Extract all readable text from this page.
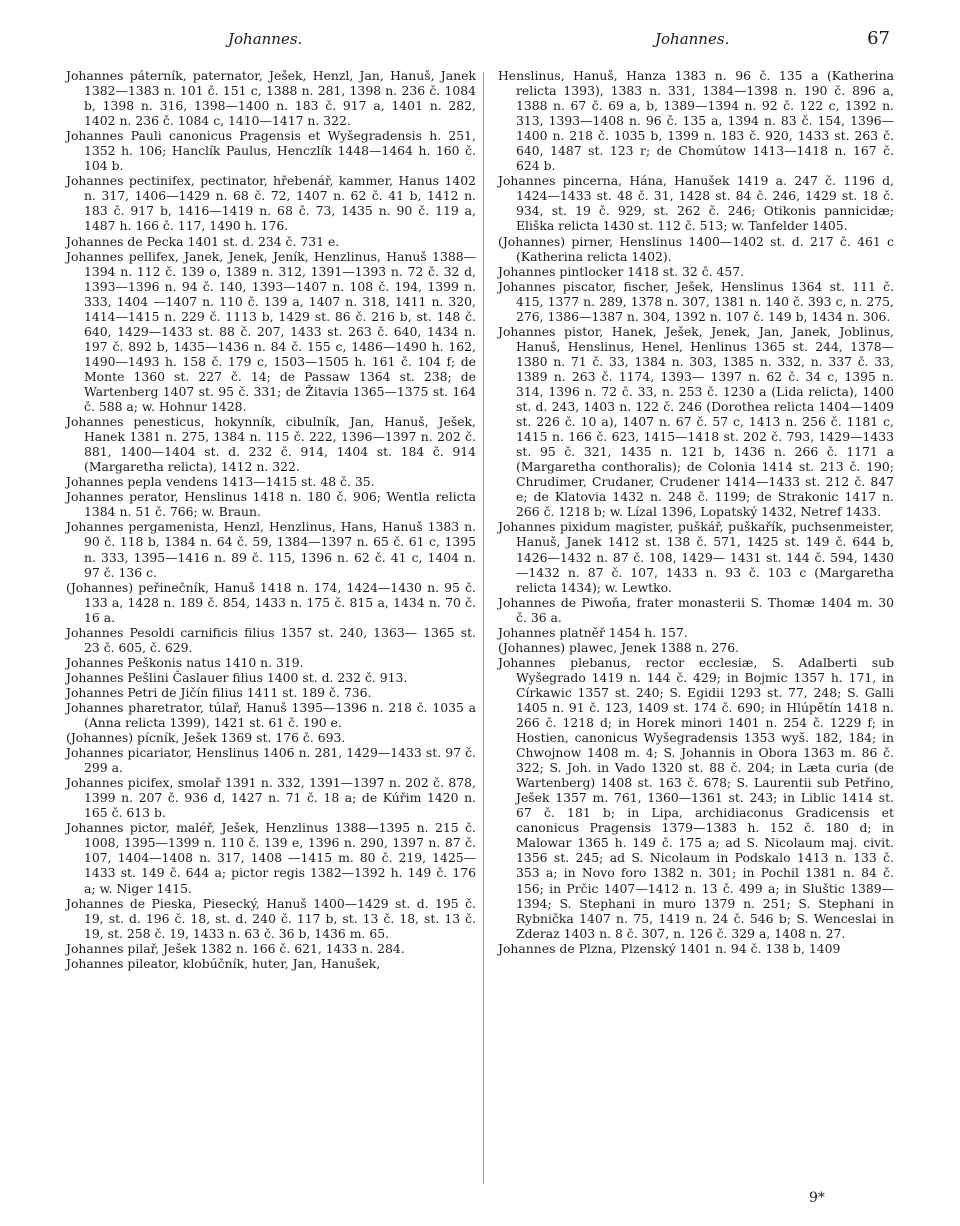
Johannes.	Johannes.	67

Johannes páterník, paternator, Ješek, Henzl, Jan, Hanuš, Janek 1382—1383 n. 101 č. 151 c, 1388 n. 281, 1398 n. 236 č. 1084 b, 1398 n. 316, 1398—1400 n. 183 č. 917 a, 1401 n. 282, 1402 n. 236 č. 1084 c, 1410—1417 n. 322.

Johannes Pauli canonicus Pragensis et Wyšegradensis h. 251, 1352 h. 106; Hanclík Paulus, Henczlík 1448—1464 h. 160 č. 104 b.

Johannes pectinifex, pectinator, hřebenář, kammer, Hanus 1402 n. 317, 1406—1429 n. 68 č. 72, 1407 n. 62 č. 41 b, 1412 n. 183 č. 917 b, 1416—1419 n. 68 č. 73, 1435 n. 90 č. 119 a, 1487 h. 166 č. 117, 1490 h. 176.

Johannes de Pecka 1401 st. d. 234 č. 731 e.

Johannes pellifex, Janek, Jenek, Jeník, Henzlinus, Hanuš 1388—1394 n. 112 č. 139 o, 1389 n. 312, 1391—1393 n. 72 č. 32 d, 1393—1396 n. 94 č. 140, 1393—1407 n. 108 č. 194, 1399 n. 333, 1404 —1407 n. 110 č. 139 a, 1407 n. 318, 1411 n. 320, 1414—1415 n. 229 č. 1113 b, 1429 st. 86 č. 216 b, st. 148 č. 640, 1429—1433 st. 88 č. 207, 1433 st. 263 č. 640, 1434 n. 197 č. 892 b, 1435—1436 n. 84 č. 155 c, 1486—1490 h. 162, 1490—1493 h. 158 č. 179 c, 1503—1505 h. 161 č. 104 f; de Monte 1360 st. 227 č. 14; de Passaw 1364 st. 238; de Wartenberg 1407 st. 95 č. 331; de Žitavia 1365—1375 st. 164 č. 588 a; w. Hohnur 1428.

Johannes penesticus, hokynník, cibulník, Jan, Hanuš, Ješek, Hanek 1381 n. 275, 1384 n. 115 č. 222, 1396—1397 n. 202 č. 881, 1400—1404 st. d. 232 č. 914, 1404 st. 184 č. 914 (Margaretha relicta), 1412 n. 322.

Johannes pepla vendens 1413—1415 st. 48 č. 35.

Johannes perator, Henslinus 1418 n. 180 č. 906; Wentla relicta 1384 n. 51 č. 766; w. Braun.

Johannes pergamenista, Henzl, Henzlinus, Hans, Hanuš 1383 n. 90 č. 118 b, 1384 n. 64 č. 59, 1384—1397 n. 65 č. 61 c, 1395 n. 333, 1395—1416 n. 89 č. 115, 1396 n. 62 č. 41 c, 1404 n. 97 č. 136 c.

(Johannes) peřinečník, Hanuš 1418 n. 174, 1424—1430 n. 95 č. 133 a, 1428 n. 189 č. 854, 1433 n. 175 č. 815 a, 1434 n. 70 č. 16 a.

Johannes Pesoldi carnificis filius 1357 st. 240, 1363— 1365 st. 23 č. 605, č. 629.

Johannes Peškonis natus 1410 n. 319.

Johannes Pešlini Časlauer filius 1400 st. d. 232 č. 913.

Johannes Petri de Jičín filius 1411 st. 189 č. 736.

Johannes pharetrator, túlař, Hanuš 1395—1396 n. 218 č. 1035 a (Anna relicta 1399), 1421 st. 61 č. 190 e.

(Johannes) pícník, Ješek 1369 st. 176 č. 693.

Johannes picariator, Henslinus 1406 n. 281, 1429—1433 st. 97 č. 299 a.

Johannes picifex, smolař 1391 n. 332, 1391—1397 n. 202 č. 878, 1399 n. 207 č. 936 d, 1427 n. 71 č. 18 a; de Kúřim 1420 n. 165 č. 613 b.

Johannes pictor, maléř, Ješek, Henzlinus 1388—1395 n. 215 č. 1008, 1395—1399 n. 110 č. 139 e, 1396 n. 290, 1397 n. 87 č. 107, 1404—1408 n. 317, 1408 —1415 m. 80 č. 219, 1425—1433 st. 149 č. 644 a; pictor regis 1382—1392 h. 149 č. 176 a; w. Niger 1415.

Johannes de Pieska, Piesecký, Hanuš 1400—1429 st. d. 195 č. 19, st. d. 196 č. 18, st. d. 240 č. 117 b, st. 13 č. 18, st. 13 č. 19, st. 258 č. 19, 1433 n. 63 č. 36 b, 1436 m. 65.

Johannes pilař, Ješek 1382 n. 166 č. 621, 1433 n. 284.

Johannes pileator, klobúčník, huter, Jan, Hanušek,

Henslinus, Hanuš, Hanza 1383 n. 96 č. 135 a (Katherina relicta 1393), 1383 n. 331, 1384—1398 n. 190 č. 896 a, 1388 n. 67 č. 69 a, b, 1389—1394 n. 92 č. 122 c, 1392 n. 313, 1393—1408 n. 96 č. 135 a, 1394 n. 83 č. 154, 1396—1400 n. 218 č. 1035 b, 1399 n. 183 č. 920, 1433 st. 263 č. 640, 1487 st. 123 r; de Chomútow 1413—1418 n. 167 č. 624 b.

Johannes pincerna, Hána, Hanušek 1419 a. 247 č. 1196 d, 1424—1433 st. 48 č. 31, 1428 st. 84 č. 246, 1429 st. 18 č. 934, st. 19 č. 929, st. 262 č. 246; Otikonis pannicidæ; Eliška relicta 1430 st. 112 č. 513; w. Tanfelder 1405.

(Johannes) pirner, Henslinus 1400—1402 st. d. 217 č. 461 c (Katherina relicta 1402).

Johannes pintlocker 1418 st. 32 č. 457.

Johannes piscator, fischer, Ješek, Henslinus 1364 st. 111 č. 415, 1377 n. 289, 1378 n. 307, 1381 n. 140 č. 393 c, n. 275, 276, 1386—1387 n. 304, 1392 n. 107 č. 149 b, 1434 n. 306.

Johannes pistor, Hanek, Ješek, Jenek, Jan, Janek, Joblinus, Hanuš, Henslinus, Henel, Henlinus 1365 st. 244, 1378—1380 n. 71 č. 33, 1384 n. 303, 1385 n. 332, n. 337 č. 33, 1389 n. 263 č. 1174, 1393— 1397 n. 62 č. 34 c, 1395 n. 314, 1396 n. 72 č. 33, n. 253 č. 1230 a (Lida relicta), 1400 st. d. 243, 1403 n. 122 č. 246 (Dorothea relicta 1404—1409 st. 226 č. 10 a), 1407 n. 67 č. 57 c, 1413 n. 256 č. 1181 c, 1415 n. 166 č. 623, 1415—1418 st. 202 č. 793, 1429—1433 st. 95 č. 321, 1435 n. 121 b, 1436 n. 266 č. 1171 a (Margaretha conthoralis); de Colonia 1414 st. 213 č. 190; Chrudimer, Crudaner, Crudener 1414—1433 st. 212 č. 847 e; de Klatovia 1432 n. 248 č. 1199; de Strakonic 1417 n. 266 č. 1218 b; w. Lízal 1396, Lopatský 1432, Netref 1433.

Johannes pixidum magister, puškář, puškařík, puchsenmeister, Hanuš, Janek 1412 st. 138 č. 571, 1425 st. 149 č. 644 b, 1426—1432 n. 87 č. 108, 1429— 1431 st. 144 č. 594, 1430—1432 n. 87 č. 107, 1433 n. 93 č. 103 c (Margaretha relicta 1434); w. Lewtko.

Johannes de Piwoňa, frater monasterii S. Thomæ 1404 m. 30 č. 36 a.

Johannes platněř 1454 h. 157.

(Johannes) plawec, Jenek 1388 n. 276.

Johannes plebanus, rector ecclesiæ, S. Adalberti sub Wyšegrado 1419 n. 144 č. 429; in Bojmic 1357 h. 171, in Církawic 1357 st. 240; S. Egidii 1293 st. 77, 248; S. Galli 1405 n. 91 č. 123, 1409 st. 174 č. 690; in Hlúpětín 1418 n. 266 č. 1218 d; in Horek minori 1401 n. 254 č. 1229 f; in Hostien, canonicus Wyšegradensis 1353 wyš. 182, 184; in Chwojnow 1408 m. 4; S. Johannis in Obora 1363 m. 86 č. 322; S. Joh. in Vado 1320 st. 88 č. 204; in Læta curia (de Wartenberg) 1408 st. 163 č. 678; S. Laurentii sub Petřino, Ješek 1357 m. 761, 1360—1361 st. 243; in Liblic 1414 st. 67 č. 181 b; in Lipa, archidiaconus Gradicensis et canonicus Pragensis 1379—1383 h. 152 č. 180 d; in Malowar 1365 h. 149 č. 175 a; ad S. Nicolaum maj. civit. 1356 st. 245; ad S. Nicolaum in Podskalo 1413 n. 133 č. 353 a; in Novo foro 1382 n. 301; in Pochil 1381 n. 84 č. 156; in Prčic 1407—1412 n. 13 č. 499 a; in Sluštic 1389—1394; S. Stephani in muro 1379 n. 251; S. Stephani in Rybnička 1407 n. 75, 1419 n. 24 č. 546 b; S. Wenceslai in Zderaz 1403 n. 8 č. 307, n. 126 č. 329 a, 1408 n. 27.

Johannes de Plzna, Plzenský 1401 n. 94 č. 138 b, 1409

9*
